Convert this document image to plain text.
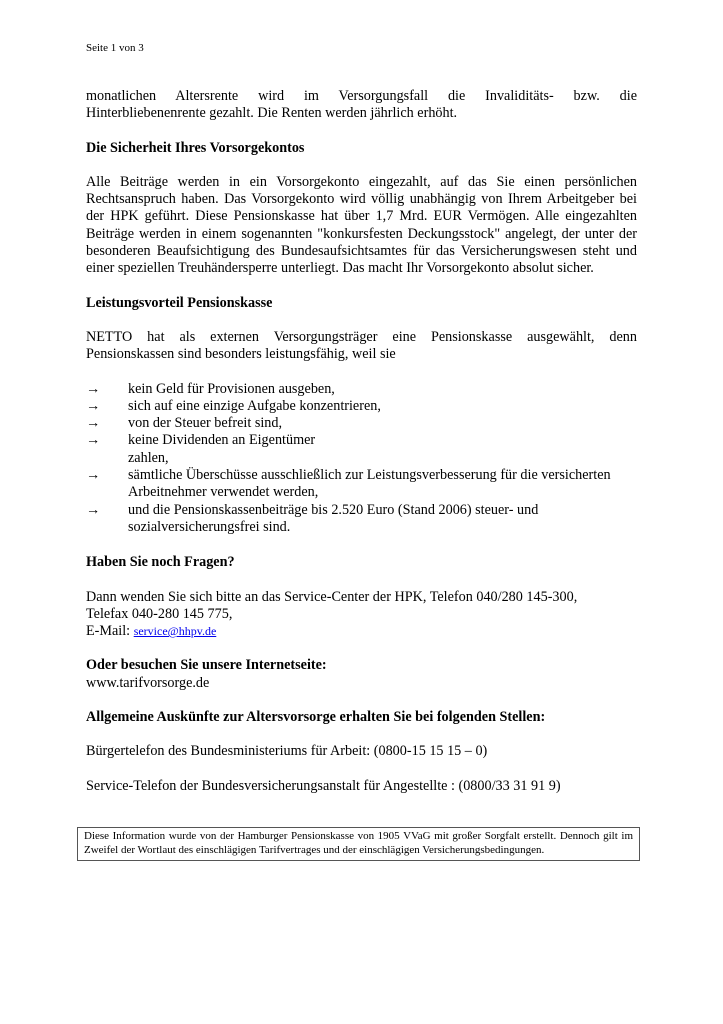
Seite 1 von 3

monatlichen Altersrente wird im Versorgungsfall die Invaliditäts- bzw. die

Hinterbliebenenrente gezahlt. Die Renten werden jährlich erhöht.

Die Sicherheit Ihres Vorsorgekontos

Alle Beiträge werden in ein Vorsorgekonto eingezahlt, auf das Sie einen persönlichen Rechtsanspruch haben. Das Vorsorgekonto wird völlig unabhängig von Ihrem Arbeitgeber bei der HPK geführt. Diese Pensionskasse hat über 1,7 Mrd. EUR Vermögen. Alle eingezahlten Beiträge werden in einem sogenannten "konkursfesten Deckungsstock" angelegt, der unter der besonderen Beaufsichtigung des Bundesaufsichtsamtes für das Versicherungswesen steht und einer speziellen Treuhändersperre unterliegt. Das macht Ihr Vorsorgekonto absolut sicher.

Leistungsvorteil Pensionskasse

NETTO hat als externen Versorgungsträger eine Pensionskasse ausgewählt, denn Pensionskassen sind besonders leistungsfähig, weil sie

→	kein Geld für Provisionen ausgeben,
→	sich auf eine einzige Aufgabe konzentrieren,
→	von der Steuer befreit sind,
→	keine Dividenden an Eigentümer
zahlen,
→	sämtliche Überschüsse ausschließlich zur Leistungsverbesserung für die versicherten Arbeitnehmer verwendet werden,
→	und die Pensionskassenbeiträge bis 2.520 Euro (Stand 2006) steuer- und
sozialversicherungsfrei sind.
Haben Sie noch Fragen?

Dann wenden Sie sich bitte an das Service-Center der HPK, Telefon 040/280 145-300,

Telefax 040-280 145 775,

E-Mail: service@hhpv.de

Oder besuchen Sie unsere Internetseite:

www.tarifvorsorge.de

Allgemeine Auskünfte zur Altersvorsorge erhalten Sie bei folgenden Stellen:

Bürgertelefon des Bundesministeriums für Arbeit: (0800-15 15 15 – 0)

Service-Telefon der Bundesversicherungsanstalt für Angestellte : (0800/33 31 91 9)

Diese Information wurde von der Hamburger Pensionskasse von 1905 VVaG mit großer Sorgfalt erstellt. Dennoch gilt im Zweifel der Wortlaut des einschlägigen Tarifvertrages und der einschlägigen Versicherungsbedingungen.
